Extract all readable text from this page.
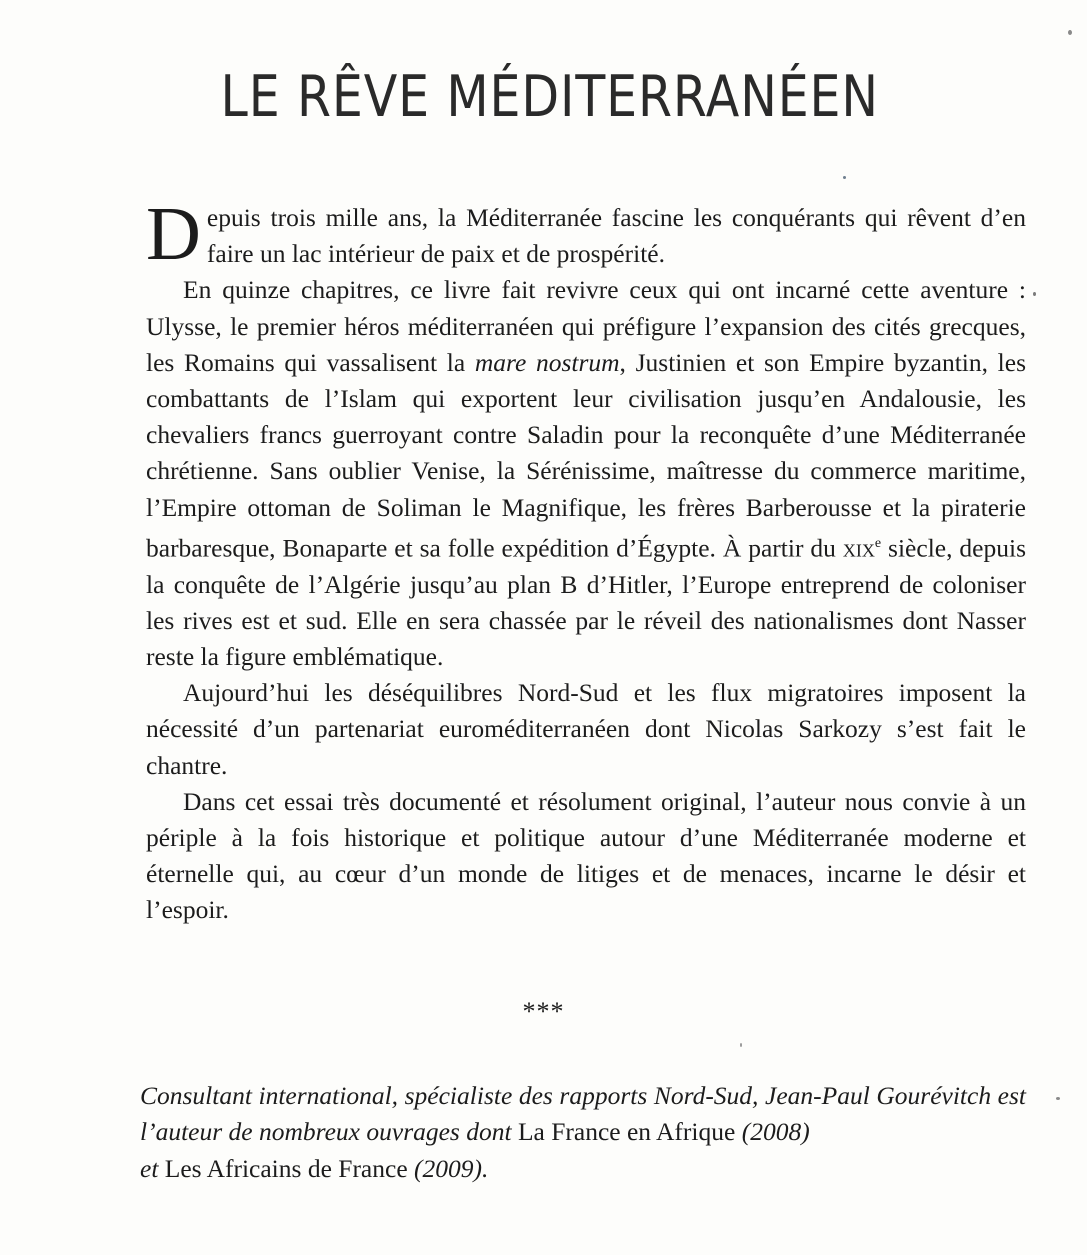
LE RÊVE MÉDITERRANÉEN

Depuis trois mille ans, la Méditerranée fascine les conquérants qui rêvent d’en faire un lac intérieur de paix et de prospérité.

En quinze chapitres, ce livre fait revivre ceux qui ont incarné cette aventure : Ulysse, le premier héros méditerranéen qui préfigure l’expansion des cités grecques, les Romains qui vassalisent la mare nostrum, Justinien et son Empire byzantin, les combattants de l’Islam qui exportent leur civilisation jusqu’en Andalousie, les chevaliers francs guerroyant contre Saladin pour la reconquête d’une Méditerranée chrétienne. Sans oublier Venise, la Sérénissime, maîtresse du commerce maritime, l’Empire ottoman de Soliman le Magnifique, les frères Barberousse et la piraterie barbaresque, Bonaparte et sa folle expédition d’Égypte. À partir du xix$^e$ siècle, depuis la conquête de l’Algérie jusqu’au plan B d’Hitler, l’Europe entreprend de coloniser les rives est et sud. Elle en sera chassée par le réveil des nationalismes dont Nasser reste la figure emblématique.

Aujourd’hui les déséquilibres Nord-Sud et les flux migratoires imposent la nécessité d’un partenariat euroméditerranéen dont Nicolas Sarkozy s’est fait le chantre.

Dans cet essai très documenté et résolument original, l’auteur nous convie à un périple à la fois historique et politique autour d’une Méditerranée moderne et éternelle qui, au cœur d’un monde de litiges et de menaces, incarne le désir et l’espoir.

***
Consultant international, spécialiste des rapports Nord-Sud, Jean-Paul Gourévitch est l’auteur de nombreux ouvrages dont La France en Afrique (2008)
et Les Africains de France (2009).
